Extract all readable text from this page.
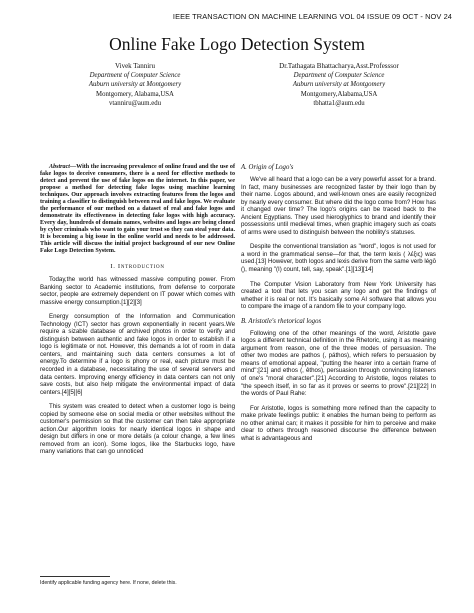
IEEE TRANSACTION ON MACHINE LEARNING VOL 04 ISSUE 09 OCT - NOV 24
Online Fake Logo Detection System
Vivek Tanniru
Department of Computer Science
Auburn university at Montgomery
Montgomery, Alabama,USA
vtanniru@aum.edu
Dr.Tathagata Bhattacharya,Asst.Professsor
Department of Computer Science
Auburn university at Montgomery
Montgomery,Alabama,USA
tbhatta1@aum.edu

Abstract—With the increasing prevalence of online fraud and the use of fake logos to deceive consumers, there is a need for effective methods to detect and prevent the use of fake logos on the internet. In this paper, we propose a method for detecting fake logos using machine learning techniques. Our approach involves extracting features from the logos and training a classifier to distinguish between real and fake logos. We evaluate the performance of our method on a dataset of real and fake logos and demonstrate its effectiveness in detecting fake logos with high accuracy. Every day, hundreds of domain names, websites and logos are being cloned by cyber criminals who want to gain your trust so they can steal your data. It is becoming a big issue in the online world and needs to be addressed. This article will discuss the initial project background of our new Online Fake Logo Detection System.

I. Introduction

Today,the world has witnessed massive computing power. From Banking sector to Academic institutions, from defense to corporate sector, people are extremely dependent on IT power which comes with massive energy consumption.[1][2][3]

Energy consumption of the Information and Communication Technology (ICT) sector has grown exponentially in recent years.We require a sizable database of archived photos in order to verify and distinguish between authentic and fake logos in order to establish if a logo is legitimate or not. However, this demands a lot of room in data centers, and maintaining such data centers consumes a lot of energy.To determine if a logo is phony or real, each picture must be recorded in a database, necessitating the use of several servers and data centers. Improving energy efficiency in data centers can not only save costs, but also help mitigate the environmental impact of data centers.[4][5][6]

This system was created to detect when a customer logo is being copied by someone else on social media or other websites without the customer's permission so that the customer can then take appropriate action.Our algorithm looks for nearly identical logos in shape and design but differs in one or more details (a colour change, a few lines removed from an icon). Some logos, like the Starbucks logo, have many variations that can go unnoticed

A. Origin of Logo's

We've all heard that a logo can be a very powerful asset for a brand. In fact, many businesses are recognized faster by their logo than by their name. Logos abound, and well-known ones are easily recognized by nearly every consumer. But where did the logo come from? How has it changed over time? The logo's origins can be traced back to the Ancient Egyptians. They used hieroglyphics to brand and identify their possessions until medieval times, when graphic imagery such as coats of arms were used to distinguish between the nobility's statuses.

Despite the conventional translation as "word", logos is not used for a word in the grammatical sense—for that, the term lexis ( λέξις) was used.[13] However, both logos and lexis derive from the same verb légō (), meaning "(I) count, tell, say, speak".[1][13][14]

The Computer Vision Laboratory from New York University has created a tool that lets you scan any logo and get the findings of whether it is real or not. It's basically some AI software that allows you to compare the image of a random file to your company logo.

B. Aristotle's rhetorical logos

Following one of the other meanings of the word, Aristotle gave logos a different technical definition in the Rhetoric, using it as meaning argument from reason, one of the three modes of persuasion. The other two modes are pathos (, páthos), which refers to persuasion by means of emotional appeal, "putting the hearer into a certain frame of mind";[21] and ethos (, êthos), persuasion through convincing listeners of one's "moral character".[21] According to Aristotle, logos relates to "the speech itself, in so far as it proves or seems to prove".[21][22] In the words of Paul Rahe:

For Aristotle, logos is something more refined than the capacity to make private feelings public: it enables the human being to perform as no other animal can; it makes it possible for him to perceive and make clear to others through reasoned discourse the difference between what is advantageous and

Identify applicable funding agency here. If none, delete this.
